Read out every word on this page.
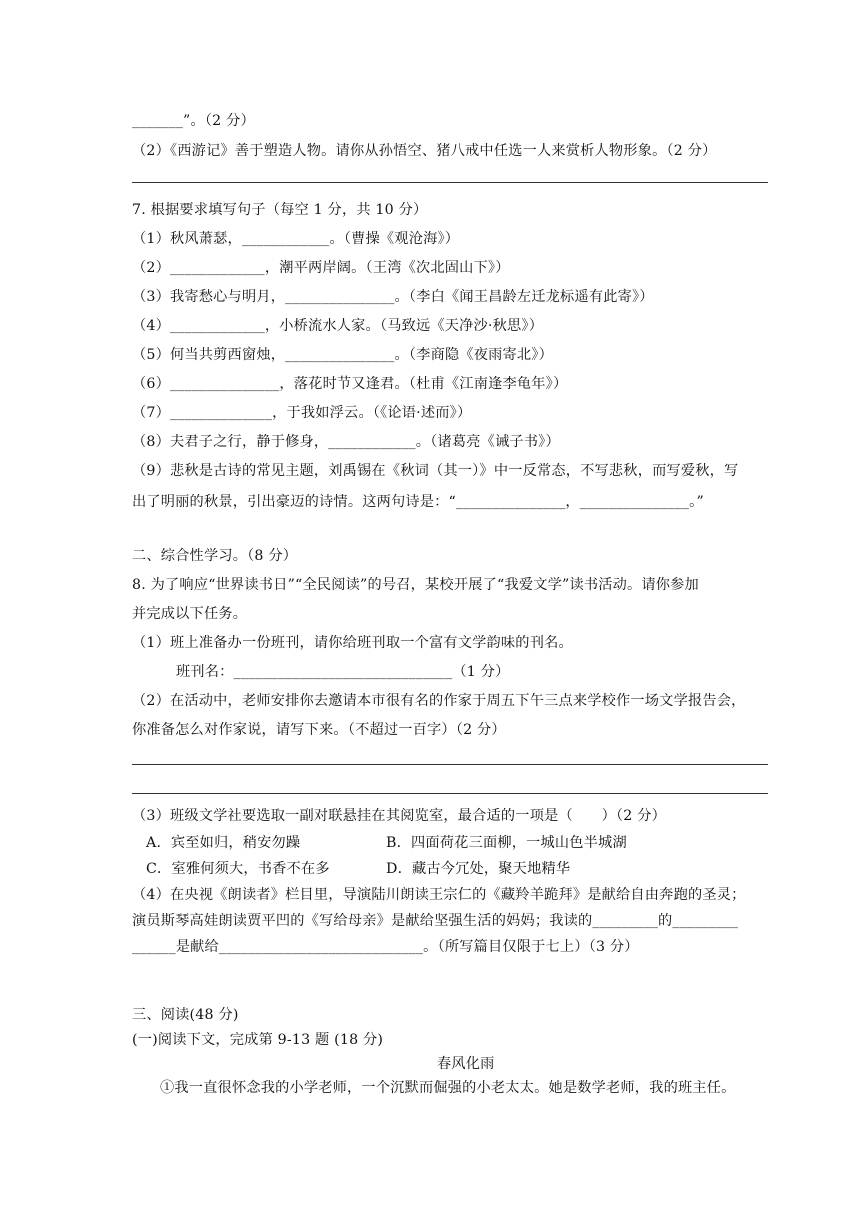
_______”。（2 分）
（2）《西游记》善于塑造人物。请你从孙悟空、猪八戒中任选一人来赏析人物形象。（2 分）
7. 根据要求填写句子（每空 1 分，共 10 分）
（1）秋风萧瑟，____________。（曹操《观沧海》）
（2）_____________，潮平两岸阔。（王湾《次北固山下》）
（3）我寄愁心与明月，_______________。（李白《闻王昌龄左迁龙标遥有此寄》）
（4）_____________，小桥流水人家。（马致远《天净沙·秋思》）
（5）何当共剪西窗烛，_______________。（李商隐《夜雨寄北》）
（6）_______________，落花时节又逢君。（杜甫《江南逢李龟年》）
（7）______________，于我如浮云。（《论语·述而》）
（8）夫君子之行，静于修身，____________。（诸葛亮《诫子书》）
（9）悲秋是古诗的常见主题，刘禹锡在《秋词（其一）》中一反常态，不写悲秋，而写爱秋，写
出了明丽的秋景，引出豪迈的诗情。这两句诗是：“_______________，_______________。”
二、综合性学习。（8 分）
8. 为了响应“世界读书日”“全民阅读”的号召，某校开展了“我爱文学”读书活动。请你参加
并完成以下任务。
（1）班上准备办一份班刊，请你给班刊取一个富有文学韵味的刊名。
班刊名：______________________________（1 分）
（2）在活动中，老师安排你去邀请本市很有名的作家于周五下午三点来学校作一场文学报告会，
你准备怎么对作家说，请写下来。（不超过一百字）（2 分）
（3）班级文学社要选取一副对联悬挂在其阅览室，最合适的一项是（　　）（2 分）
A．宾至如归，稍安勿躁	B．四面荷花三面柳，一城山色半城湖
C．室雅何须大，书香不在多	D．藏古今冗处，聚天地精华
（4）在央视《朗读者》栏目里，导演陆川朗读王宗仁的《藏羚羊跪拜》是献给自由奔跑的圣灵；
演员斯琴高娃朗读贾平凹的《写给母亲》是献给坚强生活的妈妈；我读的_________的_________
______是献给____________________________。（所写篇目仅限于七上）（3 分）
三、阅读(48 分)
(一)阅读下文，完成第 9-13 题 (18 分)
春风化雨
①我一直很怀念我的小学老师，一个沉默而倔强的小老太太。她是数学老师，我的班主任。
